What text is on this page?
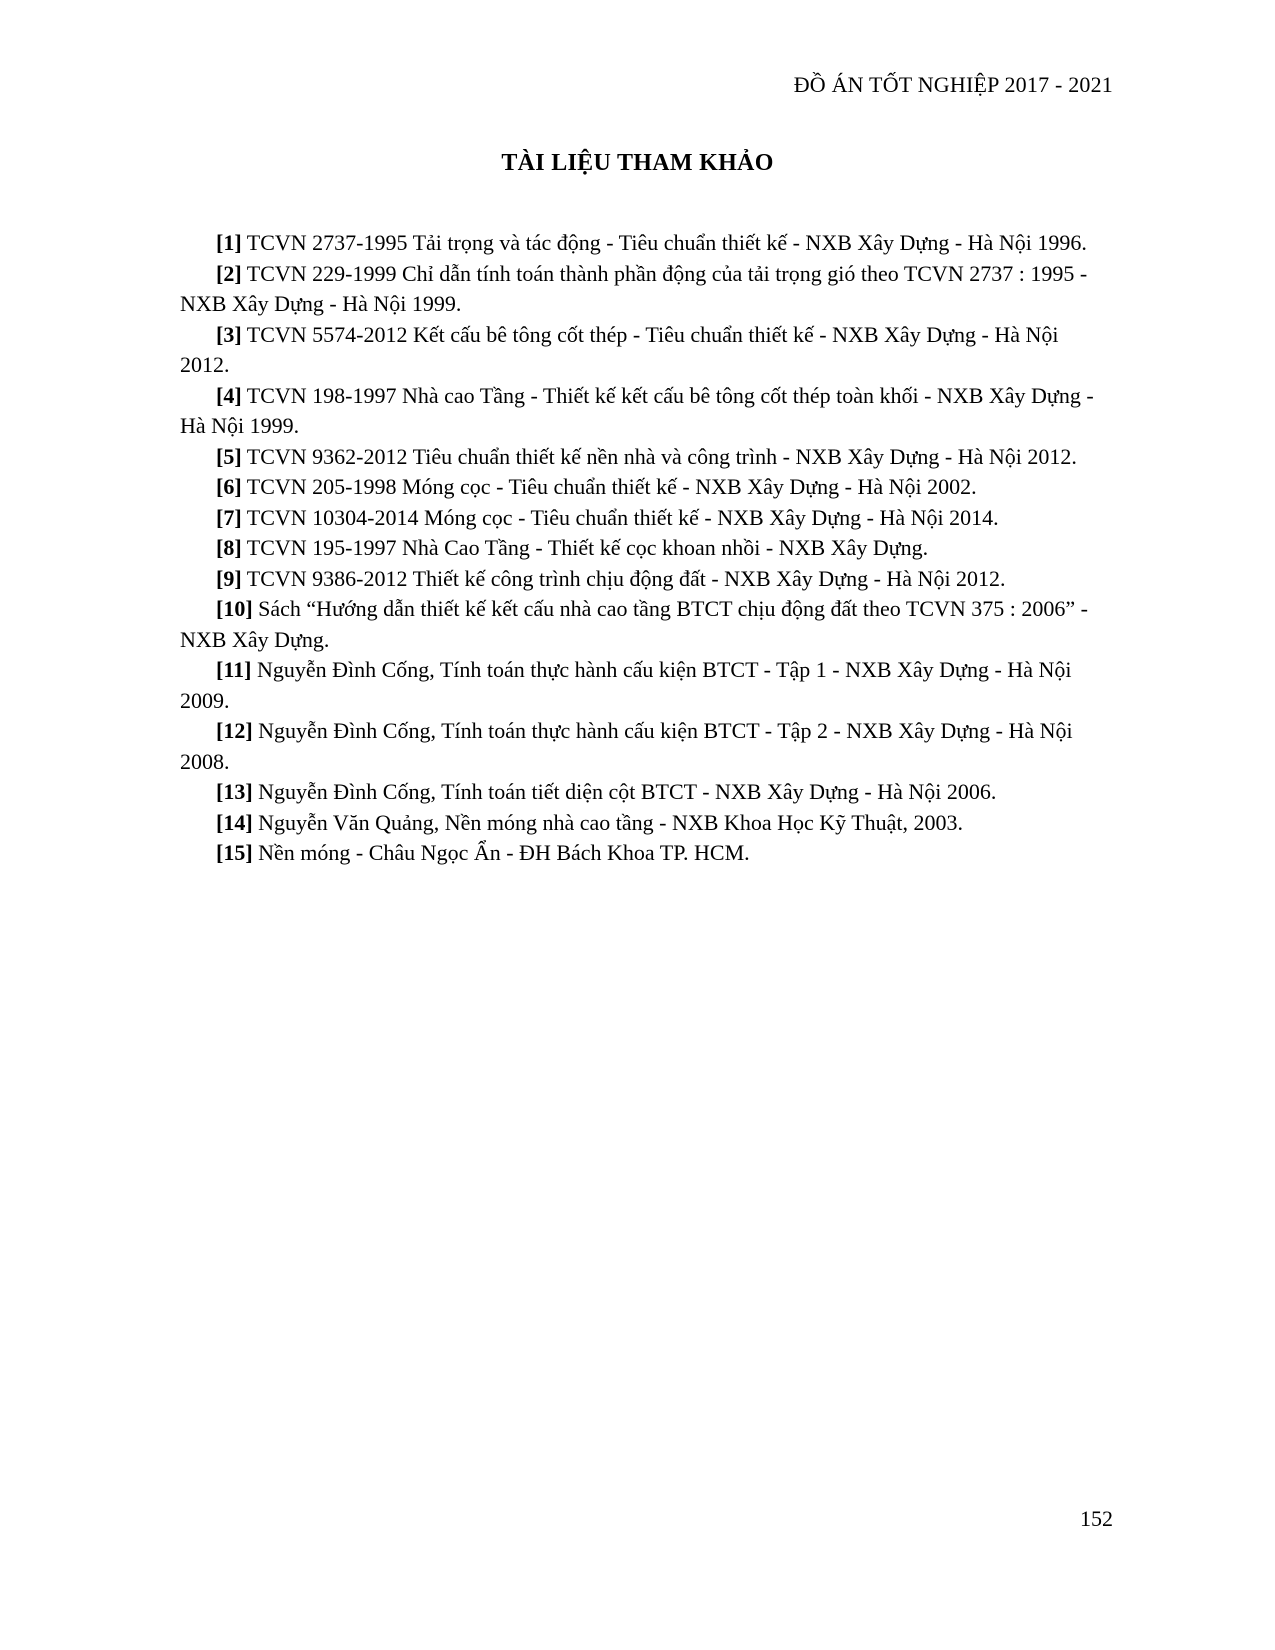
ĐỒ ÁN TỐT NGHIỆP 2017 - 2021
TÀI LIỆU THAM KHẢO
[1] TCVN 2737-1995 Tải trọng và tác động - Tiêu chuẩn thiết kế - NXB Xây Dựng - Hà Nội 1996.
[2] TCVN 229-1999 Chỉ dẫn tính toán thành phần động của tải trọng gió theo TCVN 2737 : 1995 - NXB Xây Dựng - Hà Nội 1999.
[3] TCVN 5574-2012 Kết cấu bê tông cốt thép - Tiêu chuẩn thiết kế - NXB Xây Dựng - Hà Nội 2012.
[4] TCVN 198-1997 Nhà cao Tầng - Thiết kế kết cấu bê tông cốt thép toàn khối - NXB Xây Dựng - Hà Nội 1999.
[5] TCVN 9362-2012 Tiêu chuẩn thiết kế nền nhà và công trình - NXB Xây Dựng - Hà Nội 2012.
[6] TCVN 205-1998 Móng cọc - Tiêu chuẩn thiết kế - NXB Xây Dựng - Hà Nội 2002.
[7] TCVN 10304-2014 Móng cọc - Tiêu chuẩn thiết kế - NXB Xây Dựng - Hà Nội 2014.
[8] TCVN 195-1997 Nhà Cao Tầng - Thiết kế cọc khoan nhồi - NXB Xây Dựng.
[9] TCVN 9386-2012 Thiết kế công trình chịu động đất - NXB Xây Dựng - Hà Nội 2012.
[10] Sách “Hướng dẫn thiết kế kết cấu nhà cao tầng BTCT chịu động đất theo TCVN 375 : 2006” - NXB Xây Dựng.
[11] Nguyễn Đình Cống, Tính toán thực hành cấu kiện BTCT - Tập 1 - NXB Xây Dựng - Hà Nội 2009.
[12] Nguyễn Đình Cống, Tính toán thực hành cấu kiện BTCT - Tập 2 - NXB Xây Dựng - Hà Nội 2008.
[13] Nguyễn Đình Cống, Tính toán tiết diện cột BTCT - NXB Xây Dựng - Hà Nội 2006.
[14] Nguyễn Văn Quảng, Nền móng nhà cao tầng - NXB Khoa Học Kỹ Thuật, 2003.
[15] Nền móng - Châu Ngọc Ẩn - ĐH Bách Khoa TP. HCM.
152
